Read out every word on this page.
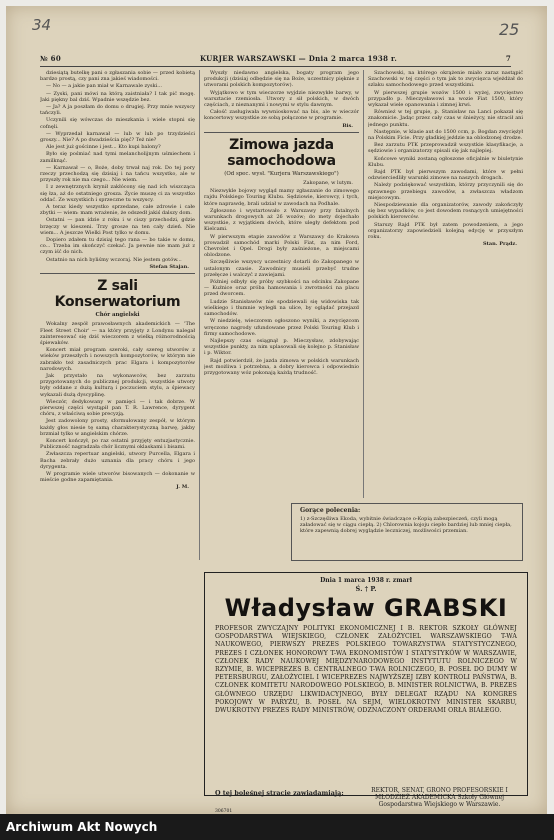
34	25
№ 60	KURJER WARSZAWSKI — Dnia 2 marca 1938 r.	7

dziesiątą butelkę pani o zgłaszania sobie — przed kobietą bardzo prostą, czy pani zna jakieś wiadomości.

— No — a jakie pan miał w Karnawale zyski...

— Zyski, pani mówi na którą zaistniała? I tak pić mogę. Jaki piękny bal dziś. Wpadnie wszędzie bez.

— Ja? A ja poszłam do domu o drugiej. Przy mnie wszyscy tańczyli.

Uczynili się wówczas do mieszkania i wiele stopni się cofnęli.

— Wyprzedał karnawał — lub w lub po trzydzieści groszy... Nie? A po dwadzieścia pięć? Też nie?

Ale jest już gościnne i jest... Kto kupi balony?

Było się pośmiać nad tymi melancholijnym uśmiechem i zamilknąć.

— Karnawał — o, Boże, doby trwał naj rok. Do tej pory rzeczy przechodzą się dzisiaj i na tańcu wszystko, ale w przyszły rok nie ma czego... Nie wiem.

I z zewnętrznych krynił zakłócony się nad ich wiszcząca się łza, aż do ostatniego grosza. Życie muszę ci za wszystko oddać. Ze wszystkich i sprzeczne tu wszyscy.

A teraz kiedy wszystko sprzedane, całe zdrowie i całe zbytki — wiem: mam wrażenie, że odszedł jakiś dalszy dom.

Ostatni — pan idzie z roku i w ciszy przechodzi, gdzie brzęczy w kieszeni. Trzy grosze na ten cały dzień. Nie wiem... A jeszcze Wielki Post tylko w domu.

Dopiero zdałem tu dzisiaj tego rana — bo takie w domu, co... Trzeba im skończyć czekać. Ja pewnie nie mam już z czym iść do nich.

Ostatnio na nich byliśmy wczoraj. Nie jestem gotów...

Stefan Stajan.
Z sali Konserwatorium
Chór angielski

Wokalny zespół prawosławnych akademickich — 'The Fleet Street Choir' — na który przyjęty z Londynu nalegał zainteresować się dziś wieczorem z wielką różnorodnością śpiewaków.

Koncert miał program szeroki, cały szereg utworów z wieków przeszłych i nowszych kompozytorów, w którym nie zabrakło też zasadniczych prac Elgara i kompozytorów narodowych.

Jak przystało na wykonawców, bez zarzutu przygotowanych do publicznej produkcji, wszystkie utwory były oddane z dużą kulturą i poczuciem stylu, a śpiewacy wykazali dużą dyscyplinę.

Wieczór, dedykowany w pamięci — i tak dobrze. W pierwszej części wystąpił pan T. R. Lawrence, dyrygent chóru, z właściwą sobie precyzją.

Jest zadowolony prosty, sformułowany zespół, w którym każdy głos niesie tę samą charakterystyczną barwę, jakby brzmiał tylko w angielskim chórze.

Koncert kończył, po raz ostatni przyjęty entuzjastycznie. Publiczność nagradzała chór licznymi oklaskami i bisami.

Zwłaszcza repertuar angielski, utwory Purcella, Elgara i Bacha zebrały dużo uznania dla pracy chóru i jego dyrygenta.

W programie wiele utworów bisowanych — dokonanie w mieście godne zapamiętania.

J. M.

Wyszły niedawno angielska, bogaty program jego produkcji (dzisiaj odbędzie się na Boże, uczestnicy pięknie z utworami polskich kompozytorów).

Wyjątkowo w tym wieczorze wyjdzie niezwykłe barwy, w warsztacie rzemiosła. Utwory z sił polskich, w dwóch częściach, z nieznanymi i nowymi w stylu dawnym.

Całość zasługiwała wywnioskować na bis, ale w wieczór koncertowy wszystkie ze sobą połączone w programie.

Bis.
Zimowa jazda samochodowa
(Od spec. wysł. "Kurjera Warszawskiego")
Zakopane, w lutym.

Niezwykle bojowy wygląd mamy zgłaszanie do zimowego rajdu Polskiego Touring Klubu. Sędziowie, kierowcy, i tych, które naprawdę, brali udział w zawodach na Podhale.

Zgłoszono i wystartowało z Warszawy przy fatalnych warunkach drogowych aż 26 wozów; do mety dojechało wszystkie, z wyjątkiem dwóch, które uległy defektom pod Kielcami.

W pierwszym etapie zawodów z Warszawy do Krakowa prowadził samochód marki Polski Fiat, za nim Ford, Chevrolet i Opel. Drogi były zaśnieżone, a miejscami oblodzone.

Szczęśliwie wszyscy uczestnicy dotarli do Zakopanego w ustalonym czasie. Zawodnicy musieli przebyć trudne przełęcze i walczyć z zawiejami.

Później odbyły się próby szybkości na odcinku Zakopane — Kuźnice oraz próba hamowania i zwrotności na placu przed dworcem.

Ludzie Stanisławów nie spodziewali się widowiska tak wielkiego i tłumnie wyległi na ulice, by oglądać przejazd samochodów.

W niedzielę, wieczorem ogłoszono wyniki, a zwycięzcom wręczono nagrody ufundowane przez Polski Touring Klub i firmy samochodowe.

Najlepszy czas osiągnął p. Mieczysław, zdobywając wszystkie punkty, za nim uplasowali się kolejno p. Stanisław i p. Wiktor.

Rajd potwierdził, że jazda zimowa w polskich warunkach jest możliwa i potrzebna, a dobry kierowca i odpowiednio przygotowany wóz pokonają każdą trudność.

Szachowski, na którego okrążenie miało zaraz nastąpić Szachowski w tej części o tym jak to zwycięzca wjeżdżał do szlaku samochodowego przed wszystkimi.

W pierwszej grupie wozów 1500 i wyżej, zwycięstwo przypadło p. Mieczysławowi na wozie Fiat 1500, który wykazał wiele opanowania i zimnej krwi.

Również w tej grupie, p. Stanisław na Lanci pokazał się znakomicie. Jadąc przez cały czas w śnieżycy, nie stracił ani jednego punktu.

Następnie, w klasie aut do 1500 ccm, p. Bogdan zwyciężył na Polskim Ficie. Przy gładkiej jeździe na oblodzonej drodze.

Bez zarzutu PTK przeprowadził wszystkie klasyfikacje, a sędziowie i organizatorzy spisali się jak najlepiej.

Końcowe wyniki zostaną ogłoszone oficjalnie w biuletynie Klubu.

Rajd PTK był pierwszym zawodami, które w pełni odzwierciedliły warunki zimowe na naszych drogach.

Należy podziękować wszystkim, którzy przyczynili się do sprawnego przebiegu zawodów, a zwłaszcza władzom miejscowym.

Niespodziewanie dla organizatorów, zawody zakończyły się bez wypadków, co jest dowodem rosnących umiejętności polskich kierowców.

Starszy Rajd PTK był zatem powodzeniem, a jego organizatorzy zapowiedzieli kolejną edycję w przyszłym roku.

Stan. Prądz.
Gorące polecenia:
1) z-Szczęśliwa Ekoda, wybitnie świadczące o-Kopią zabezpieczeń, czyli mogą załadować się w ciągu ciepłą. 2) Chlorownia kojoju ciepło bardziej lub mniej ciepła, które zapewnią dobrej wyglądzie leczniczej, możliwości przemian.
Dnia 1 marca 1938 r. zmarł
Ś. † P.
Władysław GRABSKI
PROFESOR ZWYCZAJNY POLITYKI EKONOMICZNEJ I B. REKTOR SZKOŁY GŁÓWNEJ GOSPODARSTWA WIEJSKIEGO, CZŁONEK ZAŁOŻYCIEL WARSZAWSKIEGO T-WA NAUKOWEGO, PIERWSZY PREZES POLSKIEGO TOWARZYSTWA STATYSTYCZNEGO, PREZES I CZŁONEK HONOROWY T-WA EKONOMISTÓW I STATYSTYKÓW W WARSZAWIE, CZŁONEK RADY NAUKOWEJ MIĘDZYNARODOWEGO INSTYTUTU ROLNICZEGO W RZYMIE, B. WICEPREZES B. CENTRALNEGO T-WA ROLNICZEGO, B. POSEŁ DO DUMY W PETERSBURGU, ZAŁOŻYCIEL I WICEPREZES NAJWYŻSZEJ IZBY KONTROLI PAŃSTWA, B. CZŁONEK KOMITETU NARODOWEGO POLSKIEGO, B. MINISTER ROLNICTWA, B. PREZES GŁÓWNEGO URZĘDU LIKWIDACYJNEGO, BYŁY DELEGAT RZĄDU NA KONGRES POKOJOWY W PARYŻU, B. POSEŁ NA SEJM, WIELOKROTNY MINISTER SKARBU, DWUKROTNY PREZES RADY MINISTRÓW, ODZNACZONY ORDERAMI ORŁA BIAŁEGO.
O tej boleśnej stracie zawiadamiają:
306701
REKTOR, SENAT, GRONO PROFESORSKIE I MŁODZIEŻ AKADEMICKA Szkoły Głównej Gospodarstwa Wiejskiego w Warszawie.
Archiwum Akt Nowych
